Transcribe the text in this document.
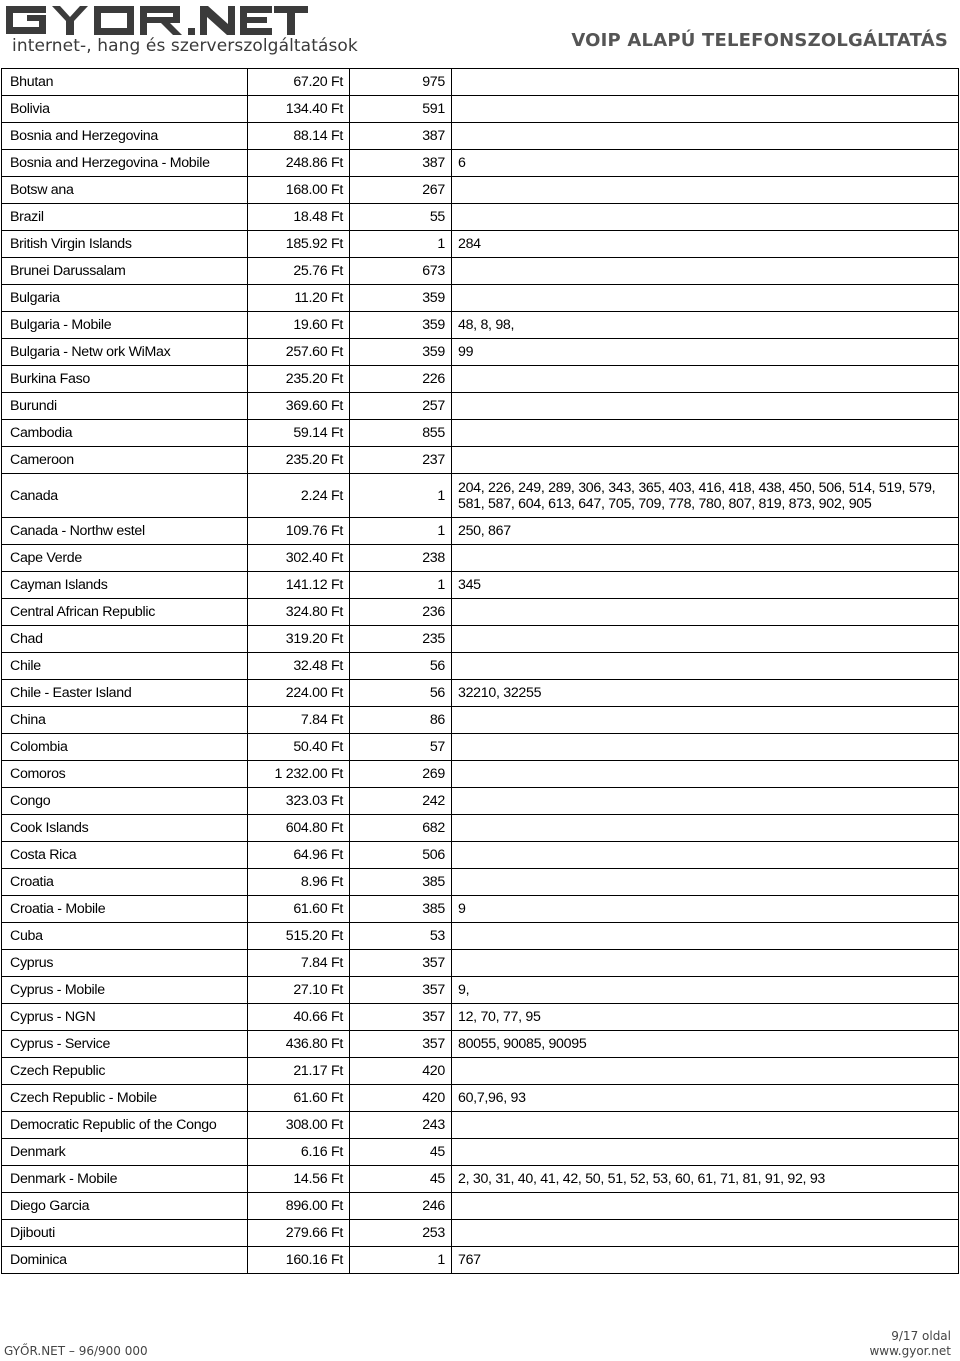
internet-, hang és szerverszolgáltatások	VOIP ALAPÚ TELEFONSZOLGÁLTATÁS
Bhutan	67.20 Ft	975	
Bolivia	134.40 Ft	591	
Bosnia and Herzegovina	88.14 Ft	387	
Bosnia and Herzegovina - Mobile	248.86 Ft	387	6
Botsw ana	168.00 Ft	267	
Brazil	18.48 Ft	55	
British Virgin Islands	185.92 Ft	1	284
Brunei Darussalam	25.76 Ft	673	
Bulgaria	11.20 Ft	359	
Bulgaria - Mobile	19.60 Ft	359	48, 8, 98,
Bulgaria - Netw ork WiMax	257.60 Ft	359	99
Burkina Faso	235.20 Ft	226	
Burundi	369.60 Ft	257	
Cambodia	59.14 Ft	855	
Cameroon	235.20 Ft	237	
Canada	2.24 Ft	1	204, 226, 249, 289, 306, 343, 365, 403, 416, 418, 438, 450, 506, 514, 519, 579, 581, 587, 604, 613, 647, 705, 709, 778, 780, 807, 819, 873, 902, 905
Canada - Northw estel	109.76 Ft	1	250, 867
Cape Verde	302.40 Ft	238	
Cayman Islands	141.12 Ft	1	345
Central African Republic	324.80 Ft	236	
Chad	319.20 Ft	235	
Chile	32.48 Ft	56	
Chile - Easter Island	224.00 Ft	56	32210, 32255
China	7.84 Ft	86	
Colombia	50.40 Ft	57	
Comoros	1 232.00 Ft	269	
Congo	323.03 Ft	242	
Cook Islands	604.80 Ft	682	
Costa Rica	64.96 Ft	506	
Croatia	8.96 Ft	385	
Croatia - Mobile	61.60 Ft	385	9
Cuba	515.20 Ft	53	
Cyprus	7.84 Ft	357	
Cyprus - Mobile	27.10 Ft	357	9,
Cyprus - NGN	40.66 Ft	357	12, 70, 77, 95
Cyprus - Service	436.80 Ft	357	80055, 90085, 90095
Czech Republic	21.17 Ft	420	
Czech Republic - Mobile	61.60 Ft	420	60,7,96, 93
Democratic Republic of the Congo	308.00 Ft	243	
Denmark	6.16 Ft	45	
Denmark - Mobile	14.56 Ft	45	2, 30, 31, 40, 41, 42, 50, 51, 52, 53, 60, 61, 71, 81, 91, 92, 93
Diego Garcia	896.00 Ft	246	
Djibouti	279.66 Ft	253	
Dominica	160.16 Ft	1	767
GYŐR.NET – 96/900 000
9/17 oldal
www.gyor.net
